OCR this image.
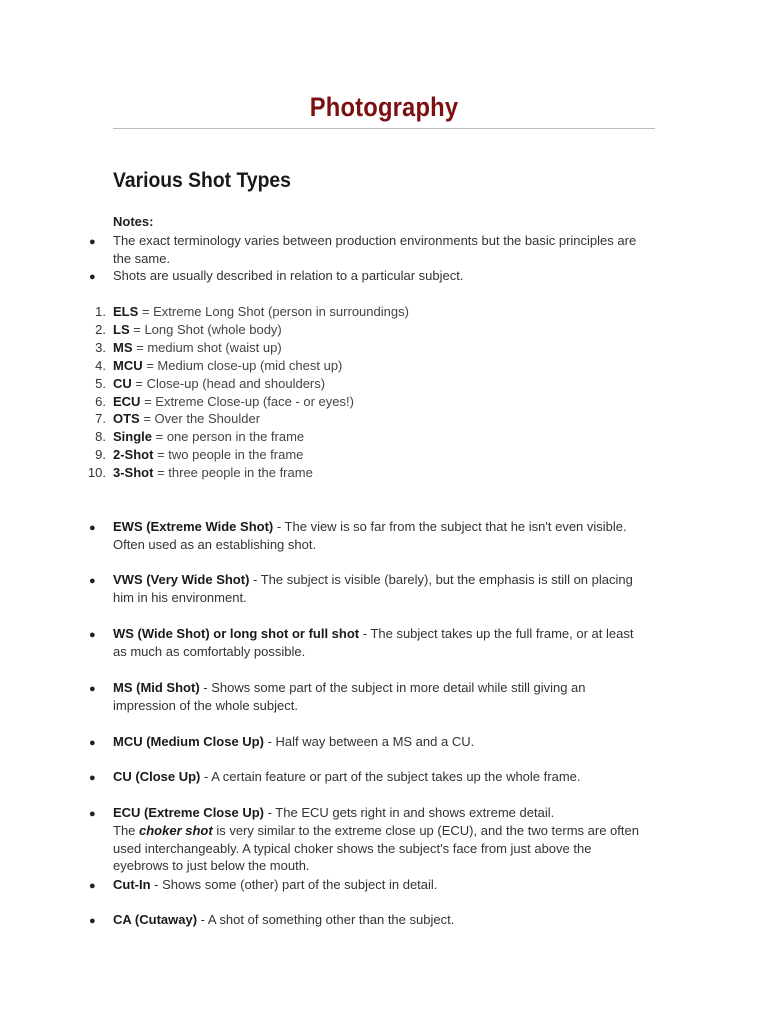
Photography
Various Shot Types
Notes:
● The exact terminology varies between production environments but the basic principles are the same.
● Shots are usually described in relation to a particular subject.
1. ELS = Extreme Long Shot (person in surroundings)
2. LS = Long Shot (whole body)
3. MS = medium shot (waist up)
4. MCU = Medium close-up (mid chest up)
5. CU = Close-up (head and shoulders)
6. ECU = Extreme Close-up (face - or eyes!)
7. OTS = Over the Shoulder
8. Single = one person in the frame
9. 2-Shot = two people in the frame
10. 3-Shot = three people in the frame
● EWS (Extreme Wide Shot) - The view is so far from the subject that he isn't even visible. Often used as an establishing shot.
● VWS (Very Wide Shot) - The subject is visible (barely), but the emphasis is still on placing him in his environment.
● WS (Wide Shot) or long shot or full shot - The subject takes up the full frame, or at least as much as comfortably possible.
● MS (Mid Shot) - Shows some part of the subject in more detail while still giving an impression of the whole subject.
● MCU (Medium Close Up) - Half way between a MS and a CU.
● CU (Close Up) - A certain feature or part of the subject takes up the whole frame.
● ECU (Extreme Close Up) - The ECU gets right in and shows extreme detail.
The choker shot is very similar to the extreme close up (ECU), and the two terms are often used interchangeably. A typical choker shows the subject's face from just above the eyebrows to just below the mouth.
● Cut-In - Shows some (other) part of the subject in detail.
● CA (Cutaway) - A shot of something other than the subject.
